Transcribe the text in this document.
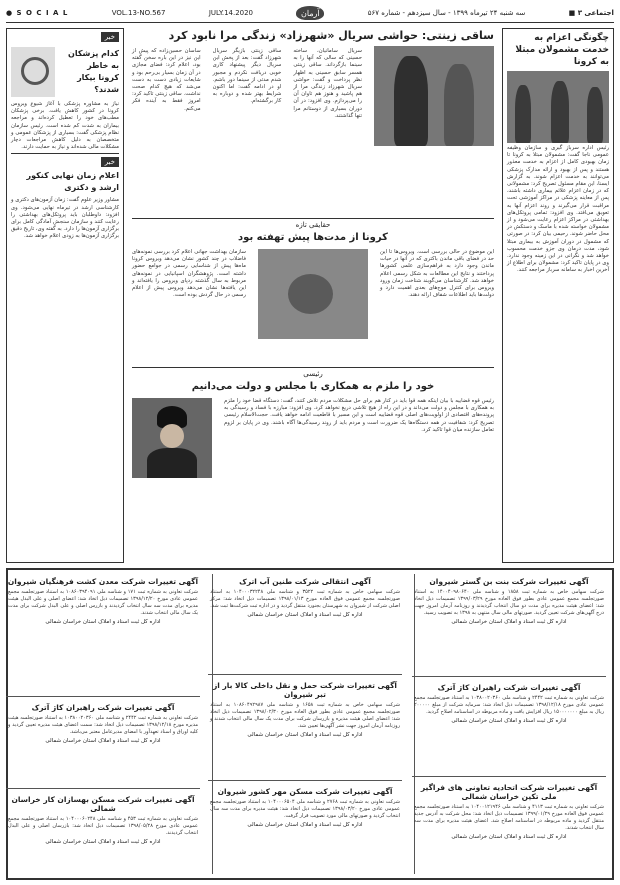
● S O C I A L	VOL.13-NO.567	JULY.14.2020	آرمان	سه شنبه ۲۴ تیرماه ۱۳۹۹ - سال سیزدهم - شماره ۵۶۷	اجتماعی ۳ ■
چگونگی اعزام به خدمت مشمولان مبتلا به کرونا
رئیس اداره سرباز گیری و سازمان وظیفه عمومی ناجا گفت: مشمولان مبتلا به کرونا تا زمان بهبودی کامل از اعزام به خدمت معذور هستند و پس از بهبود و ارائه مدارک پزشکی می‌توانند به خدمت اعزام شوند. به گزارش ایسنا، این مقام مسئول تصریح کرد: مشمولانی که در زمان اعزام علائم بیماری داشته باشند، پس از معاینه پزشکی در مراکز آموزشی تحت مراقبت قرار می‌گیرند و روند اعزام آنها به تعویق می‌افتد. وی افزود: تمامی پروتکل‌های بهداشتی در مراکز اعزام رعایت می‌شود و از مشمولان خواسته شده با ماسک و دستکش در محل حاضر شوند. رحیمی بیان کرد: در صورتی که مشمول در دوران آموزش به بیماری مبتلا شود، مدت درمان وی جزو خدمت محسوب خواهد شد و نگرانی در این زمینه وجود ندارد. وی در پایان تاکید کرد: مشمولان برای اطلاع از آخرین اخبار به سامانه سرباز مراجعه کنند.
ساقی زینتی: حواشی سریال «شهرزاد» زندگی مرا نابود کرد
سریال سامانیان، ساخته حسینی که سالی که آنها را به سینما بازگرداند. ساقی زینتی همسر سابق حسینی به اظهار نظر پرداخت و گفت: حواشی سریال شهرزاد زندگی مرا از هم پاشید و هنوز هم تاوان آن را می‌پردازم. وی افزود: در آن دوران بسیاری از دوستانم مرا تنها گذاشتند.
ساقی زینتی بازیگر سریال شهرزاد گفت: بعد از پخش این سریال دیگر پیشنهاد کاری خوبی دریافت نکردم و مجبور شدم مدتی از سینما دور باشم. او در ادامه گفت: اما اکنون شرایط بهتر شده و دوباره به کار برگشته‌ام.
ساسان حسین‌زاده که پیش از این نیز در این باره سخن گفته بود، اعلام کرد: فضای مجازی در آن زمان بسیار بی‌رحم بود و شایعات زیادی دست به دست می‌شد که هیچ کدام صحت نداشت. ساقی زینتی تاکید کرد: امروز فقط به آینده فکر می‌کنم.
حقایقی تازه
کرونا از مدت‌ها پیش تهفته بود
این موضوع در حالی بررسی است. ویروس‌ها تا این حد در فضای باقی ماندن باکتری که در آنها در حیات ماندن وجود دارد به فراهم‌سازی علمی کشورها پرداختند و نتایج این مطالعات به شکل رسمی اعلام خواهد شد. کارشناسان می‌گویند شناخت زمان ورود ویروس برای کنترل موج‌های بعدی اهمیت دارد و دولت‌ها باید اطلاعات شفاف ارائه دهند.
سازمان بهداشت جهانی اعلام کرد بررسی نمونه‌های فاضلاب در چند کشور نشان می‌دهد ویروس کرونا ماه‌ها پیش از شناسایی رسمی در جوامع حضور داشته است. پژوهشگران اسپانیایی در نمونه‌های مربوط به سال گذشته ردپای ویروس را یافته‌اند و این یافته‌ها نشان می‌دهد ویروس پیش از اعلام رسمی در حال گردش بوده است.
رئیسی
خود را ملزم به همکاری با مجلس و دولت می‌دانیم
رئیس قوه قضاییه با بیان اینکه همه قوا باید در کنار هم برای حل مشکلات مردم تلاش کنند، گفت: دستگاه قضا خود را ملزم به همکاری با مجلس و دولت می‌داند و در این راه از هیچ تلاشی دریغ نخواهد کرد. وی افزود: مبارزه با فساد و رسیدگی به پرونده‌های اقتصادی از اولویت‌های اصلی قوه قضاییه است و این مسیر با قاطعیت ادامه خواهد یافت. حجت‌الاسلام رئیسی تصریح کرد: شفافیت در همه دستگاه‌ها یک ضرورت است و مردم باید از روند رسیدگی‌ها آگاه باشند. وی در پایان بر لزوم تعامل سازنده میان قوا تاکید کرد.
خبر
کدام پزشکان به خاطر کرونا بیکار شدند؟
نیاز به مشاوره پزشکی با آغاز شیوع ویروس کرونا در کشور کاهش یافت. برخی پزشکان مطب‌های خود را تعطیل کرده‌اند و مراجعه بیماران به شدت کم شده است. رئیس سازمان نظام پزشکی گفت: بسیاری از پزشکان عمومی و متخصصان به دلیل کاهش مراجعات دچار مشکلات مالی شده‌اند و نیاز به حمایت دارند.
خبر
اعلام زمان نهایی کنکور ارشد و دکتری
مشاور وزیر علوم گفت: زمان آزمون‌های دکتری و کارشناسی ارشد در تیرماه نهایی می‌شود. وی افزود: داوطلبان باید پروتکل‌های بهداشتی را رعایت کنند و سازمان سنجش آمادگی کامل برای برگزاری آزمون‌ها را دارد. به گفته وی، تاریخ دقیق برگزاری آزمون‌ها به زودی اعلام خواهد شد.
آگهی تغییرات شرکت بنت بن گستر شیروان
شرکت سهامی خاص به شماره ثبت ۱۸۵۸ و شناسه ملی ۱۴۰۰۴۰۹۸۰۶۴۰ به استناد صورتجلسه مجمع عمومی عادی بطور فوق العاده مورخ ۱۳۹۹/۰۳/۲۹ تصمیمات ذیل اتخاذ شد: اعضای هیئت مدیره برای مدت دو سال انتخاب گردیدند و روزنامه آرمان امروز جهت درج آگهی‌های شرکت تعیین گردید. صورتهای مالی سال منتهی به ۱۳۹۸ به تصویب رسید.
اداره کل ثبت اسناد و املاک استان خراسان شمالی
آگهی تغییرات شرکت راهبران کاژ آترک
شرکت تعاونی به شماره ثبت ۲۴۴۲ و شناسه ملی ۱۰۳۸۰۰۲۰۳۶۰ به استناد صورتجلسه مجمع عمومی عادی مورخ ۱۳۹۸/۱۲/۱۸ تصمیمات ذیل اتخاذ شد: سرمایه شرکت از مبلغ ۲۰۰۰۰۰ ریال به مبلغ ۱۵۰۰۰۰۰۰۰ ریال افزایش یافت و ماده مربوطه در اساسنامه اصلاح گردید.
اداره کل ثبت اسناد و املاک استان خراسان شمالی
آگهی تغییرات شرکت اتحادیه تعاونی های فراگیر ملی تکین خراسان شمالی
شرکت تعاونی به شماره ثبت ۴۱۱۳ و شناسه ملی ۱۰۴۰۰۱۲۱۹۴۶ به استناد صورتجلسه مجمع عمومی فوق العاده مورخ ۱۳۹۹/۰۱/۲۹ تصمیمات ذیل اتخاذ شد: محل شرکت به آدرس جدید منتقل گردید و ماده مربوطه در اساسنامه اصلاح شد. اعضای هیئت مدیره برای مدت سه سال انتخاب شدند.
اداره کل ثبت اسناد و املاک استان خراسان شمالی
آگهی انتقالی شرکت طنین آب اترک
شرکت سهامی خاص به شماره ثبت ۳۵۲۲ و شناسه ملی ۱۰۴۰۰۰۳۲۲۴۸ به استناد صورتجلسه مجمع عمومی فوق العاده مورخ ۱۳۹۸/۰۱/۱۳ تصمیمات ذیل اتخاذ شد: مرکز اصلی شرکت از شیروان به شهرستان بجنورد منتقل گردید و در اداره ثبت شرکت‌ها ثبت شد.
اداره کل ثبت اسناد و املاک استان خراسان شمالی
آگهی تغییرات شرکت حمل و نقل داخلی کالا بار از تبر شیروان
شرکت سهامی خاص به شماره ثبت ۱۶۵۸ و شناسه ملی ۱۰۸۶۰۴۹۲۹۸۷ به استناد صورتجلسه مجمع عمومی عادی بطور فوق العاده مورخ ۱۳۹۸/۰۲/۳۰ تصمیمات ذیل اتخاذ شد: اعضای اصلی هیئت مدیره و بازرسان شرکت برای مدت یک سال مالی انتخاب شدند و روزنامه آرمان امروز جهت نشر آگهی‌ها تعیین شد.
اداره کل ثبت اسناد و املاک استان خراسان شمالی
آگهی تغییرات شرکت مسکن مهر کشور شیروان
شرکت تعاونی به شماره ثبت ۲۷۶۸ و شناسه ملی ۱۰۴۰۰۰۶۵۰۴ به استناد صورتجلسه مجمع عمومی عادی مورخ ۱۳۹۸/۰۳/۲۰ تصمیمات ذیل اتخاذ شد: هیئت مدیره برای مدت سه سال انتخاب گردید و صورتهای مالی مورد تصویب قرار گرفت.
اداره کل ثبت اسناد و املاک استان خراسان شمالی
آگهی تغییرات شرکت معدن کشت فرهنگیان شیروان
شرکت تعاونی به شماره ثبت ۱۷۱ و شناسه ملی ۱۰۸۶۰۳۹۴۰۹۱ به استناد صورتجلسه مجمع عمومی عادی مورخ ۱۳۹۸/۱۲/۲۰ تصمیمات ذیل اتخاذ شد: اعضای اصلی و علی البدل هیئت مدیره برای مدت سه سال انتخاب گردیدند و بازرس اصلی و علی البدل شرکت برای مدت یک سال مالی انتخاب شدند.
اداره کل ثبت اسناد و املاک استان خراسان شمالی
آگهی تغییرات شرکت راهبران کاژ آترک
شرکت تعاونی به شماره ثبت ۲۴۴۲ و شناسه ملی ۱۰۳۸۰۰۲۰۳۶۰ به استناد صورتجلسه هیئت مدیره مورخ ۱۳۹۸/۱۲/۱۸ تصمیمات ذیل اتخاذ شد: سمت اعضای هیئت مدیره تعیین گردید و کلیه اوراق و اسناد تعهدآور با امضای مدیرعامل معتبر می‌باشد.
اداره کل ثبت اسناد و املاک استان خراسان شمالی
آگهی تغییرات شرکت مسکن بهسازان کار خراسان شمالی
شرکت تعاونی به شماره ثبت ۴۵۳ و شناسه ملی ۱۰۴۰۰۰۶۰۲۴۸ به استناد صورتجلسه مجمع عمومی عادی مورخ ۱۳۹۸/۰۵/۲۸ تصمیمات ذیل اتخاذ شد: بازرسان اصلی و علی البدل انتخاب گردیدند.
اداره کل ثبت اسناد و املاک استان خراسان شمالی
